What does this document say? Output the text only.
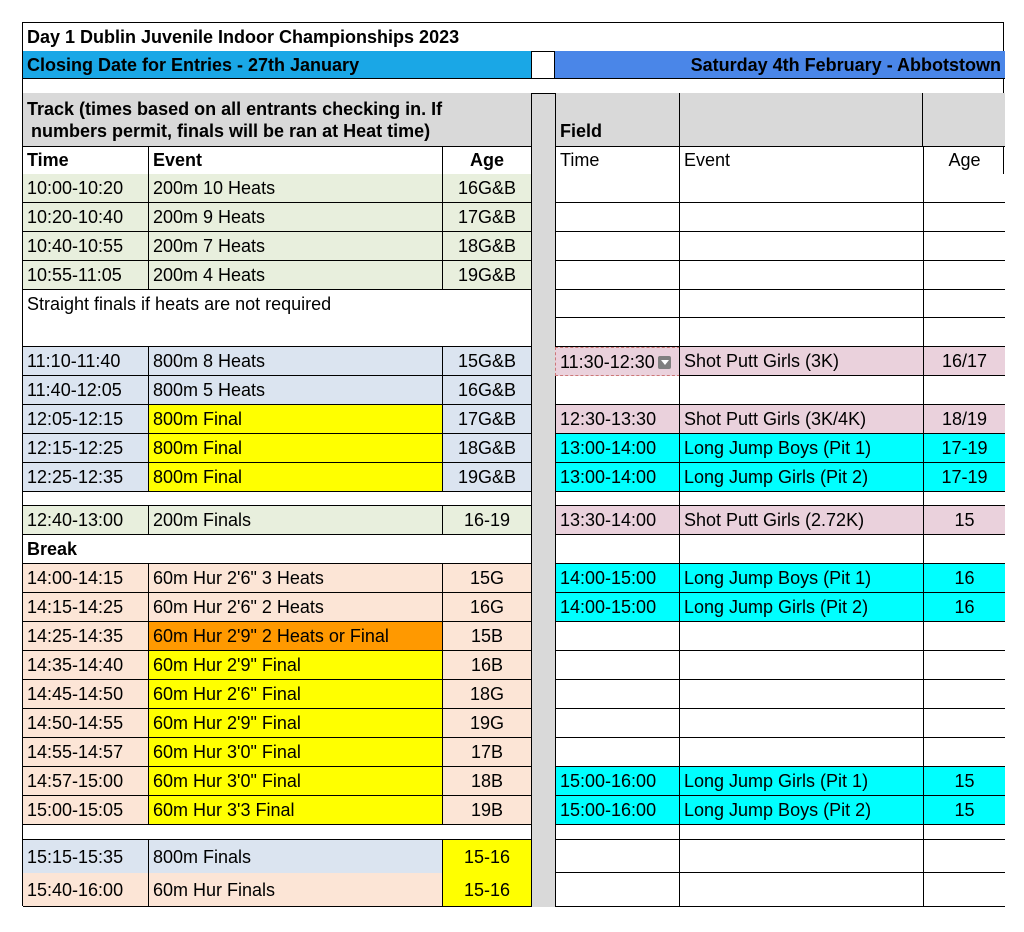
Day 1 Dublin Juvenile Indoor Championships 2023
Closing Date for Entries - 27th January	Saturday 4th February - Abbotstown
Track (times based on all entrants checking in. If
numbers permit, finals will be ran at Heat time)	Field
Time	Event	Age	Time	Event	Age
10:00-10:20	200m 10 Heats	16G&B
10:20-10:40	200m 9 Heats	17G&B
10:40-10:55	200m 7 Heats	18G&B
10:55-11:05	200m 4 Heats	19G&B
11:10-11:40	800m 8 Heats	15G&B
11:40-12:05	800m 5 Heats	16G&B
12:05-12:15	800m Final	17G&B
12:15-12:25	800m Final	18G&B
12:25-12:35	800m Final	19G&B
12:40-13:00	200m Finals	16-19
14:00-14:15	60m Hur 2'6" 3 Heats	15G
14:15-14:25	60m Hur 2'6" 2 Heats	16G
14:25-14:35	60m Hur 2'9" 2 Heats or Final	15B
14:35-14:40	60m Hur 2'9" Final	16B
14:45-14:50	60m Hur 2'6" Final	18G
14:50-14:55	60m Hur 2'9" Final	19G
14:55-14:57	60m Hur 3'0" Final	17B
14:57-15:00	60m Hur 3'0" Final	18B
15:00-15:05	60m Hur 3'3 Final	19B
15:15-15:35	800m Finals	15-16
15:40-16:00	60m Hur Finals	15-16
Straight finals if heats are not required
Break
11:30-12:30	Shot Putt Girls (3K)	16/17
12:30-13:30	Shot Putt Girls (3K/4K)	18/19
13:00-14:00	Long Jump Boys (Pit 1)	17-19
13:00-14:00	Long Jump Girls (Pit 2)	17-19
13:30-14:00	Shot Putt Girls (2.72K)	15
14:00-15:00	Long Jump Boys (Pit 1)	16
14:00-15:00	Long Jump Girls (Pit 2)	16
15:00-16:00	Long Jump Girls (Pit 1)	15
15:00-16:00	Long Jump Boys (Pit 2)	15
